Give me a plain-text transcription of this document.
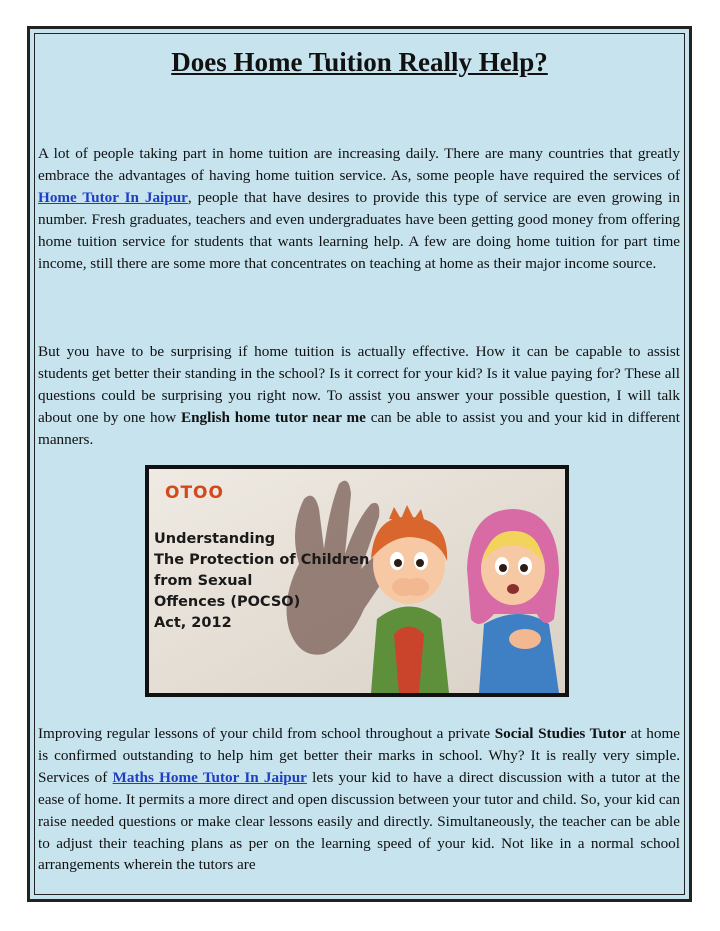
Does Home Tuition Really Help?

A lot of people taking part in home tuition are increasing daily. There are many countries that greatly embrace the advantages of having home tuition service. As, some people have required the services of Home Tutor In Jaipur, people that have desires to provide this type of service are even growing in number. Fresh graduates, teachers and even undergraduates have been getting good money from offering home tuition service for students that wants learning help. A few are doing home tuition for part time income, still there are some more that concentrates on teaching at home as their major income source.

But you have to be surprising if home tuition is actually effective. How it can be capable to assist students get better their standing in the school? Is it correct for your kid? Is it value paying for? These all questions could be surprising you right now. To assist you answer your possible question, I will talk about one by one how English home tutor near me can be able to assist you and your kid in different manners.

OTOO
Understanding
The Protection of Children
from Sexual
Offences (POCSO)
Act, 2012

Improving regular lessons of your child from school throughout a private Social Studies Tutor at home is confirmed outstanding to help him get better their marks in school. Why? It is really very simple. Services of Maths Home Tutor In Jaipur lets your kid to have a direct discussion with a tutor at the ease of home. It permits a more direct and open discussion between your tutor and child. So, your kid can raise needed questions or make clear lessons easily and directly. Simultaneously, the teacher can be able to adjust their teaching plans as per on the learning speed of your kid. Not like in a normal school arrangements wherein the tutors are
